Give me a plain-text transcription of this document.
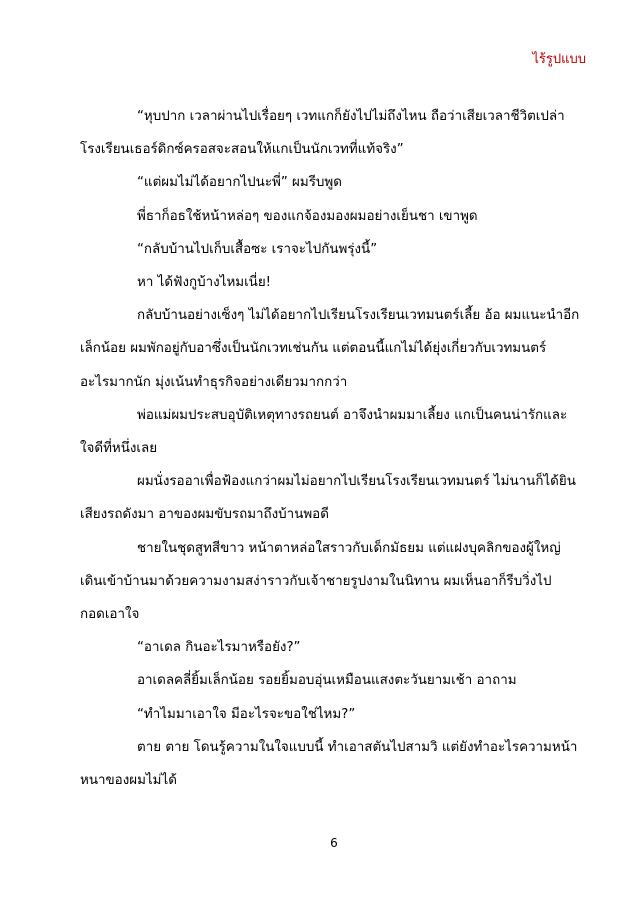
ไร้รูปแบบ

“หุบปาก เวลาผ่านไปเรื่อยๆ เวทแกก็ยังไปไม่ถึงไหน ถือว่าเสียเวลาชีวิตเปล่า

โรงเรียนเธอร์ดิกซ์ครอสจะสอนให้แกเป็นนักเวทที่แท้จริง”

“แต่ผมไม่ได้อยากไปนะพี่” ผมรีบพูด

พี่ธาก็อธใช้หน้าหล่อๆ ของแกจ้องมองผมอย่างเย็นชา เขาพูด

“กลับบ้านไปเก็บเสื้อซะ เราจะไปกันพรุ่งนี้”

หา ได้ฟังกูบ้างไหมเนี่ย!

กลับบ้านอย่างเซ็งๆ ไม่ได้อยากไปเรียนโรงเรียนเวทมนตร์เลี้ย อ้อ ผมแนะนำอีก

เล็กน้อย ผมพักอยู่กับอาซึ่งเป็นนักเวทเช่นกัน แต่ตอนนี้แกไม่ได้ยุ่งเกี่ยวกับเวทมนตร์

อะไรมากนัก มุ่งเน้นทำธุรกิจอย่างเดียวมากกว่า

พ่อแม่ผมประสบอุบัติเหตุทางรถยนต์ อาจึงนำผมมาเลี้ยง แกเป็นคนน่ารักและ

ใจดีที่หนึ่งเลย

ผมนั่งรออาเพื่อฟ้องแกว่าผมไม่อยากไปเรียนโรงเรียนเวทมนตร์ ไม่นานก็ได้ยิน

เสียงรถดังมา อาของผมขับรถมาถึงบ้านพอดี

ชายในชุดสูทสีขาว หน้าตาหล่อใสราวกับเด็กมัธยม แต่แฝงบุคลิกของผู้ใหญ่

เดินเข้าบ้านมาด้วยความงามสง่าราวกับเจ้าชายรูปงามในนิทาน ผมเห็นอาก็รีบวิ่งไป

กอดเอาใจ

“อาเดล กินอะไรมาหรือยัง?”

อาเดลคลี่ยิ้มเล็กน้อย รอยยิ้มอบอุ่นเหมือนแสงตะวันยามเช้า อาถาม

“ทำไมมาเอาใจ มีอะไรจะขอใช่ไหม?”

ตาย ตาย โดนรู้ความในใจแบบนี้ ทำเอาสตันไปสามวิ แต่ยังทำอะไรความหน้า

หนาของผมไม่ได้

6
